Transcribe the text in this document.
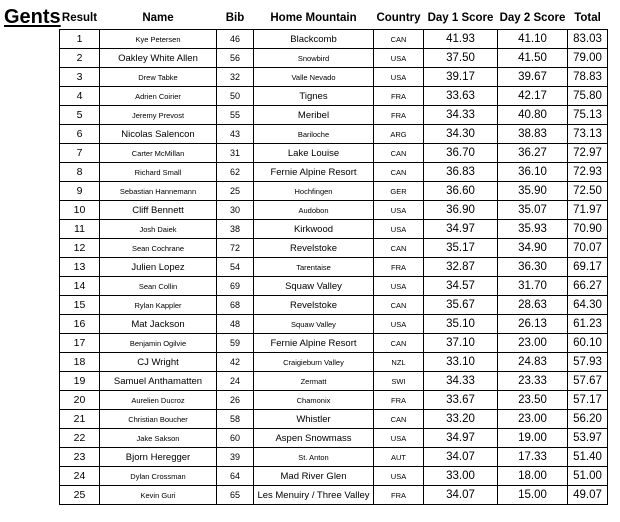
Gents Result	Name	Bib	Home Mountain	Country	Day 1 Score	Day 2 Score	Total
1	Kye Petersen	46	Blackcomb	CAN	41.93	41.10	83.03
2	Oakley White Allen	56	Snowbird	USA	37.50	41.50	79.00
3	Drew Tabke	32	Valle Nevado	USA	39.17	39.67	78.83
4	Adrien Coirier	50	Tignes	FRA	33.63	42.17	75.80
5	Jeremy Prevost	55	Meribel	FRA	34.33	40.80	75.13
6	Nicolas Salencon	43	Bariloche	ARG	34.30	38.83	73.13
7	Carter McMillan	31	Lake Louise	CAN	36.70	36.27	72.97
8	Richard Small	62	Fernie Alpine Resort	CAN	36.83	36.10	72.93
9	Sebastian Hannemann	25	Hochfingen	GER	36.60	35.90	72.50
10	Cliff Bennett	30	Audobon	USA	36.90	35.07	71.97
11	Josh Daiek	38	Kirkwood	USA	34.97	35.93	70.90
12	Sean Cochrane	72	Revelstoke	CAN	35.17	34.90	70.07
13	Julien Lopez	54	Tarentaise	FRA	32.87	36.30	69.17
14	Sean Collin	69	Squaw Valley	USA	34.57	31.70	66.27
15	Rylan Kappler	68	Revelstoke	CAN	35.67	28.63	64.30
16	Mat Jackson	48	Squaw Valley	USA	35.10	26.13	61.23
17	Benjamin Ogilvie	59	Fernie Alpine Resort	CAN	37.10	23.00	60.10
18	CJ Wright	42	Craigieburn Valley	NZL	33.10	24.83	57.93
19	Samuel Anthamatten	24	Zermatt	SWI	34.33	23.33	57.67
20	Aurelien Ducroz	26	Chamonix	FRA	33.67	23.50	57.17
21	Christian Boucher	58	Whistler	CAN	33.20	23.00	56.20
22	Jake Sakson	60	Aspen Snowmass	USA	34.97	19.00	53.97
23	Bjorn Heregger	39	St. Anton	AUT	34.07	17.33	51.40
24	Dylan Crossman	64	Mad River Glen	USA	33.00	18.00	51.00
25	Kevin Guri	65	Les Menuiry / Three Valley	FRA	34.07	15.00	49.07
